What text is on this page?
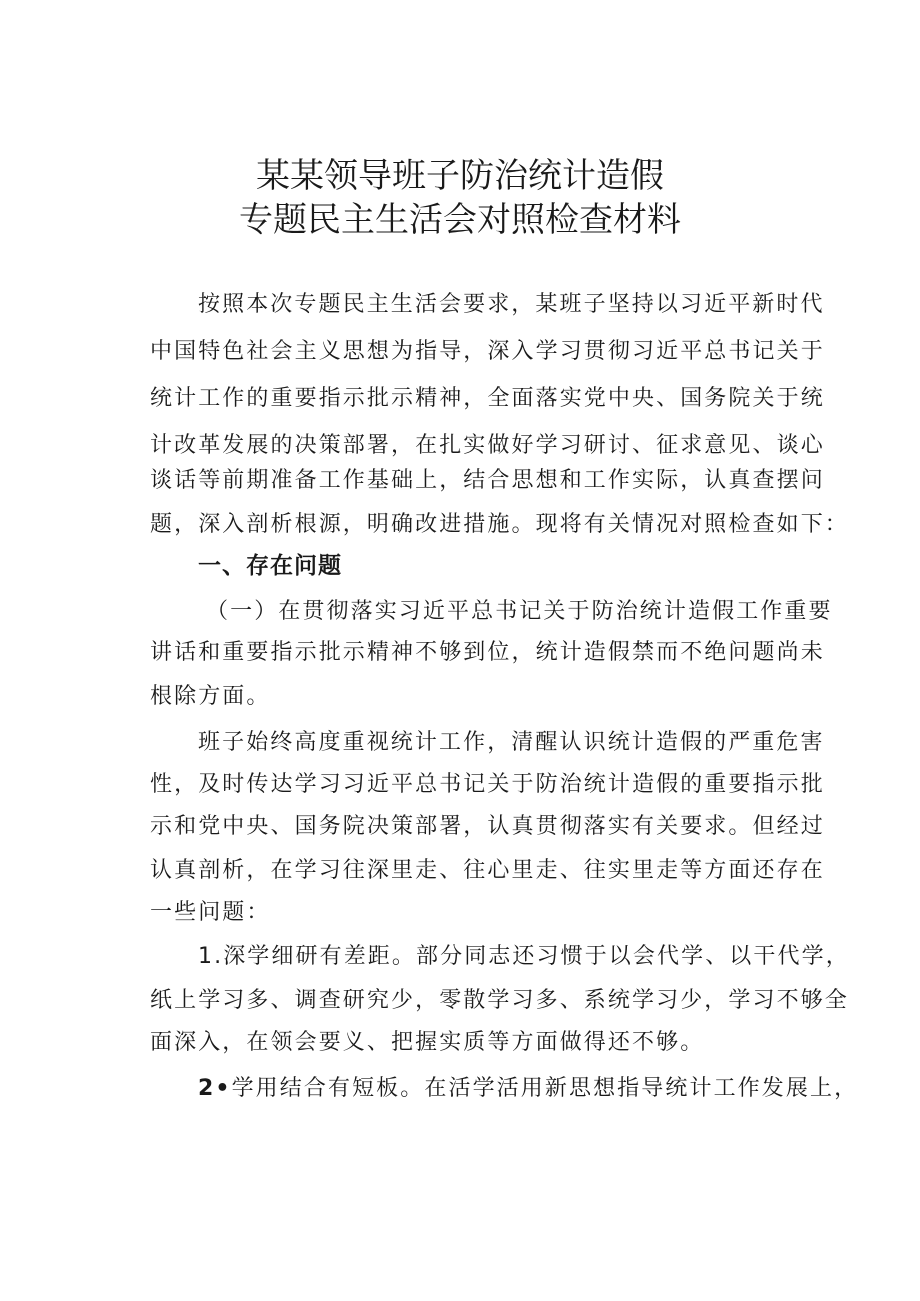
某某领导班子防治统计造假
专题民主生活会对照检查材料
按照本次专题民主生活会要求，某班子坚持以习近平新时代
中国特色社会主义思想为指导，深入学习贯彻习近平总书记关于
统计工作的重要指示批示精神，全面落实党中央、国务院关于统
计改革发展的决策部署，在扎实做好学习研讨、征求意见、谈心
谈话等前期准备工作基础上，结合思想和工作实际，认真查摆问
题，深入剖析根源，明确改进措施。现将有关情况对照检查如下：
一、存在问题
（一）在贯彻落实习近平总书记关于防治统计造假工作重要
讲话和重要指示批示精神不够到位，统计造假禁而不绝问题尚未
根除方面。
班子始终高度重视统计工作，清醒认识统计造假的严重危害
性，及时传达学习习近平总书记关于防治统计造假的重要指示批
示和党中央、国务院决策部署，认真贯彻落实有关要求。但经过
认真剖析，在学习往深里走、往心里走、往实里走等方面还存在
一些问题：
1.深学细研有差距。部分同志还习惯于以会代学、以干代学，
纸上学习多、调查研究少，零散学习多、系统学习少，学习不够全
面深入，在领会要义、把握实质等方面做得还不够。
2•学用结合有短板。在活学活用新思想指导统计工作发展上，
